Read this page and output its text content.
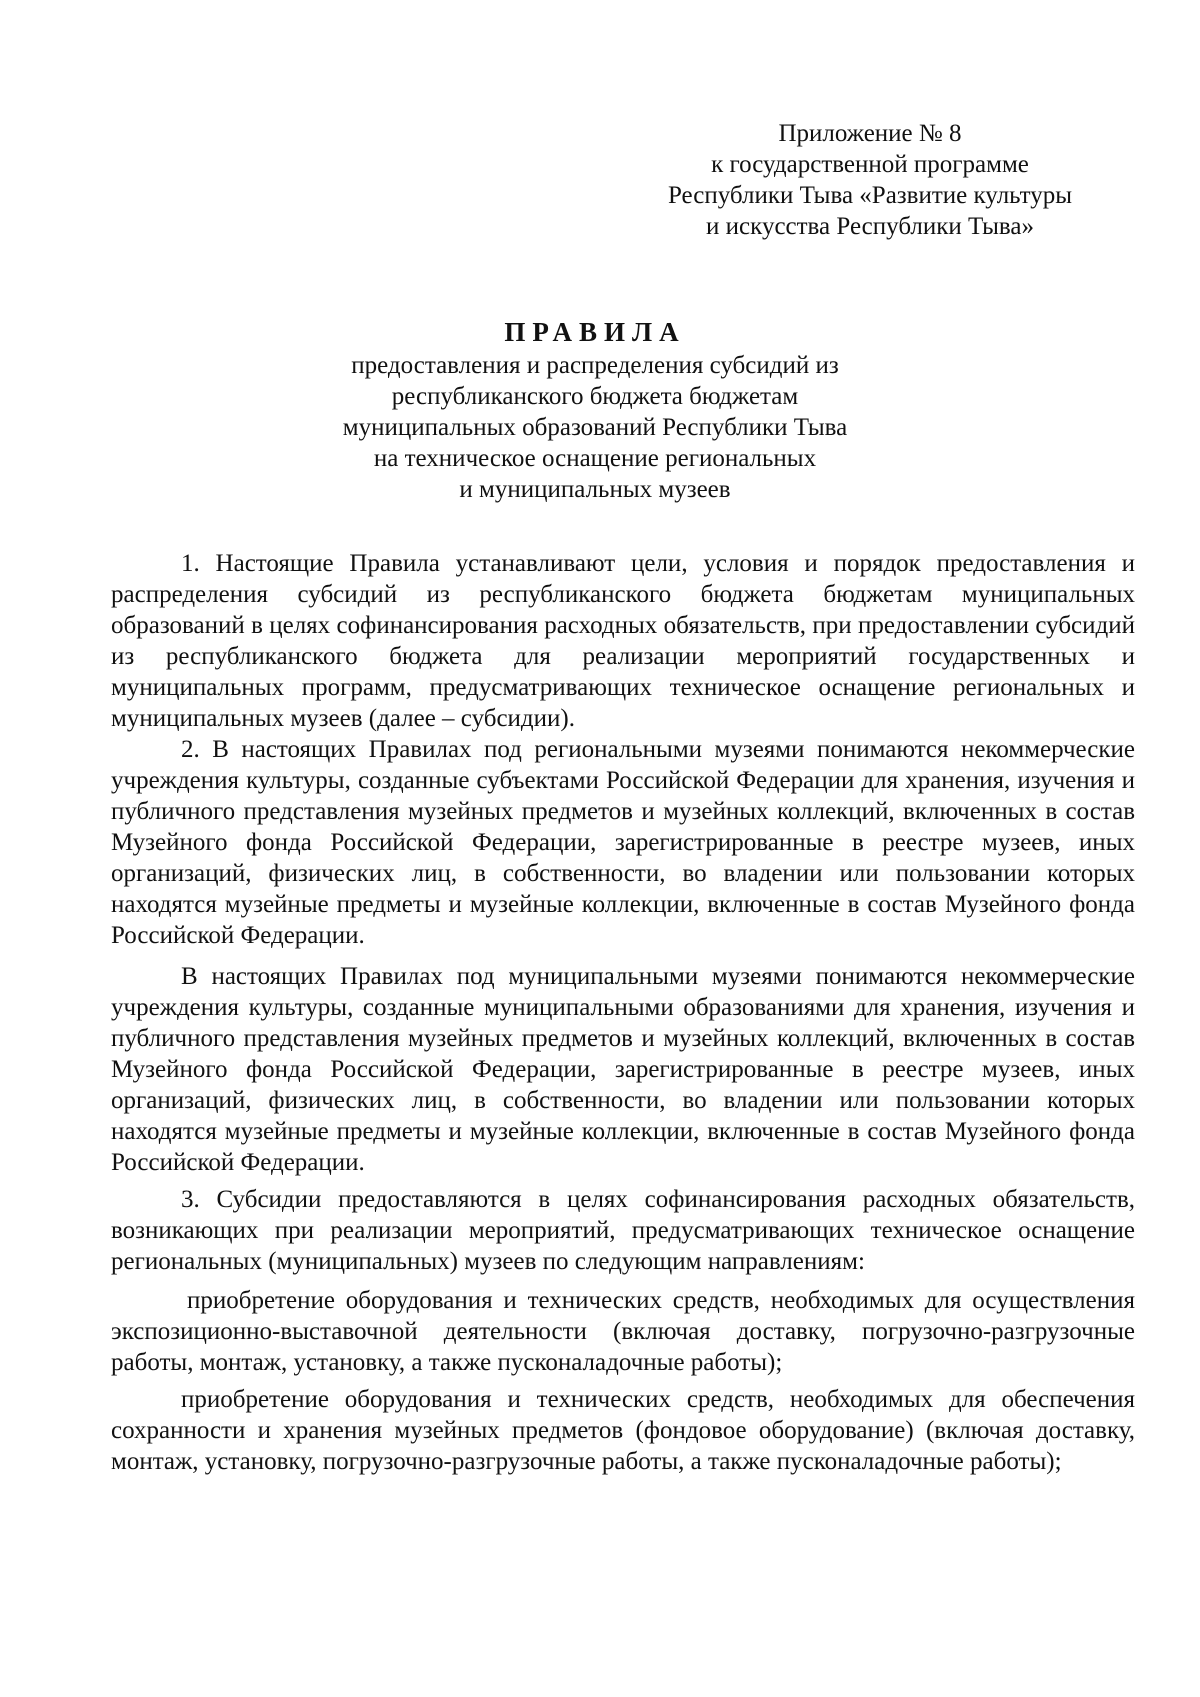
Приложение № 8
к государственной программе
Республики Тыва «Развитие культуры
и искусства Республики Тыва»
ПРАВИЛА
предоставления и распределения субсидий из
республиканского бюджета бюджетам
муниципальных образований Республики Тыва
на техническое оснащение региональных
и муниципальных музеев

1. Настоящие Правила устанавливают цели, условия и порядок предоставления и распределения субсидий из республиканского бюджета бюджетам муниципальных образований в целях софинансирования расходных обязательств, при предоставлении субсидий из республиканского бюджета для реализации мероприятий государственных и муниципальных программ, предусматривающих техническое оснащение региональных и муниципальных музеев (далее – субсидии).

2. В настоящих Правилах под региональными музеями понимаются некоммерческие учреждения культуры, созданные субъектами Российской Федерации для хранения, изучения и публичного представления музейных предметов и музейных коллекций, включенных в состав Музейного фонда Российской Федерации, зарегистрированные в реестре музеев, иных организаций, физических лиц, в собственности, во владении или пользовании которых находятся музейные предметы и музейные коллекции, включенные в состав Музейного фонда Российской Федерации.

В настоящих Правилах под муниципальными музеями понимаются некоммерческие учреждения культуры, созданные муниципальными образованиями для хранения, изучения и публичного представления музейных предметов и музейных коллекций, включенных в состав Музейного фонда Российской Федерации, зарегистрированные в реестре музеев, иных организаций, физических лиц, в собственности, во владении или пользовании которых находятся музейные предметы и музейные коллекции, включенные в состав Музейного фонда Российской Федерации.

3. Субсидии предоставляются в целях софинансирования расходных обязательств, возникающих при реализации мероприятий, предусматривающих техническое оснащение региональных (муниципальных) музеев по следующим направлениям:

приобретение оборудования и технических средств, необходимых для осуществления экспозиционно-выставочной деятельности (включая доставку, погрузочно-разгрузочные работы, монтаж, установку, а также пусконаладочные работы);

приобретение оборудования и технических средств, необходимых для обеспечения сохранности и хранения музейных предметов (фондовое оборудование) (включая доставку, монтаж, установку, погрузочно-разгрузочные работы, а также пусконаладочные работы);
